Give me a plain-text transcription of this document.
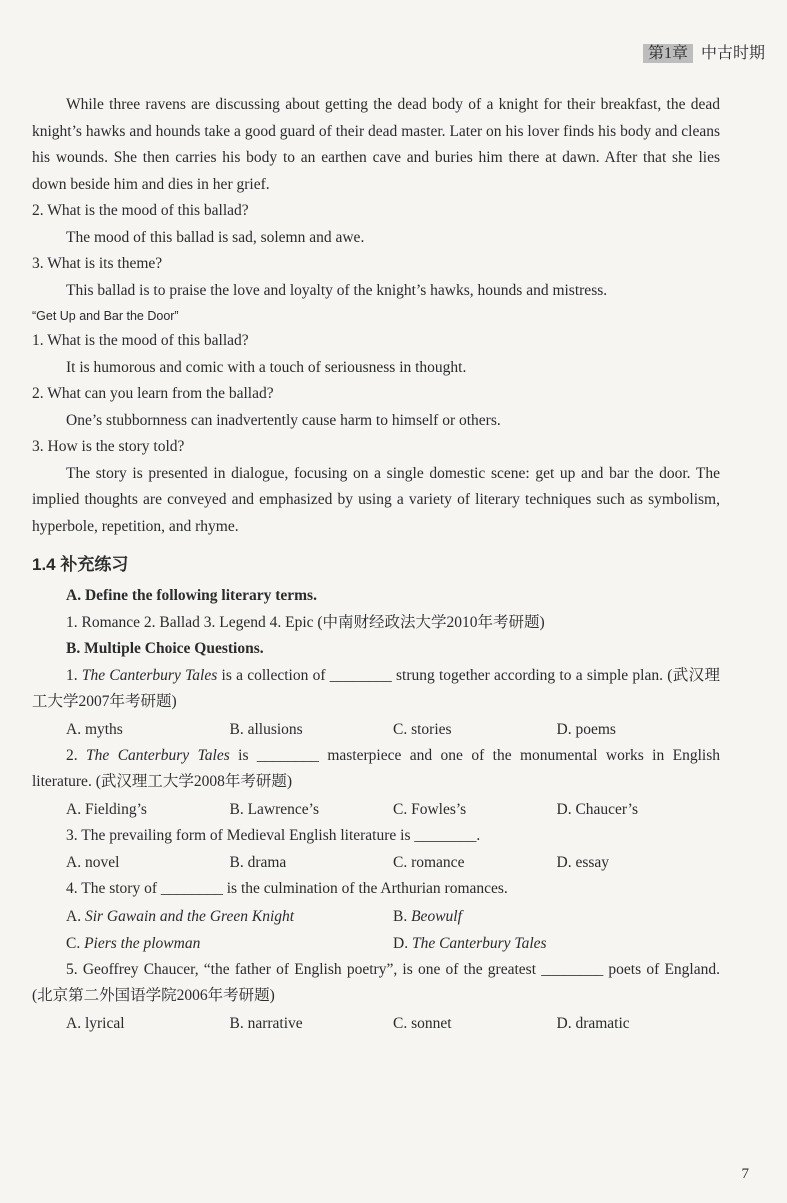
第1章 中古时期

While three ravens are discussing about getting the dead body of a knight for their breakfast, the dead knight’s hawks and hounds take a good guard of their dead master. Later on his lover finds his body and cleans his wounds. She then carries his body to an earthen cave and buries him there at dawn. After that she lies down beside him and dies in her grief.

2. What is the mood of this ballad?

The mood of this ballad is sad, solemn and awe.

3. What is its theme?

This ballad is to praise the love and loyalty of the knight’s hawks, hounds and mistress.

“Get Up and Bar the Door”

1. What is the mood of this ballad?

It is humorous and comic with a touch of seriousness in thought.

2. What can you learn from the ballad?

One’s stubbornness can inadvertently cause harm to himself or others.

3. How is the story told?

The story is presented in dialogue, focusing on a single domestic scene: get up and bar the door. The implied thoughts are conveyed and emphasized by using a variety of literary techniques such as symbolism, hyperbole, repetition, and rhyme.

1.4 补充练习

A. Define the following literary terms.

1. Romance 2. Ballad 3. Legend 4. Epic (中南财经政法大学2010年考研题)

B. Multiple Choice Questions.

1. The Canterbury Tales is a collection of ________ strung together according to a simple plan. (武汉理工大学2007年考研题)

A. myths	B. allusions	C. stories	D. poems

2. The Canterbury Tales is ________ masterpiece and one of the monumental works in English literature. (武汉理工大学2008年考研题)

A. Fielding’s	B. Lawrence’s	C. Fowles’s	D. Chaucer’s

3. The prevailing form of Medieval English literature is ________.

A. novel	B. drama	C. romance	D. essay

4. The story of ________ is the culmination of the Arthurian romances.

A. Sir Gawain and the Green Knight	B. Beowulf
C. Piers the plowman	D. The Canterbury Tales

5. Geoffrey Chaucer, “the father of English poetry”, is one of the greatest ________ poets of England. (北京第二外国语学院2006年考研题)

A. lyrical	B. narrative	C. sonnet	D. dramatic
7
